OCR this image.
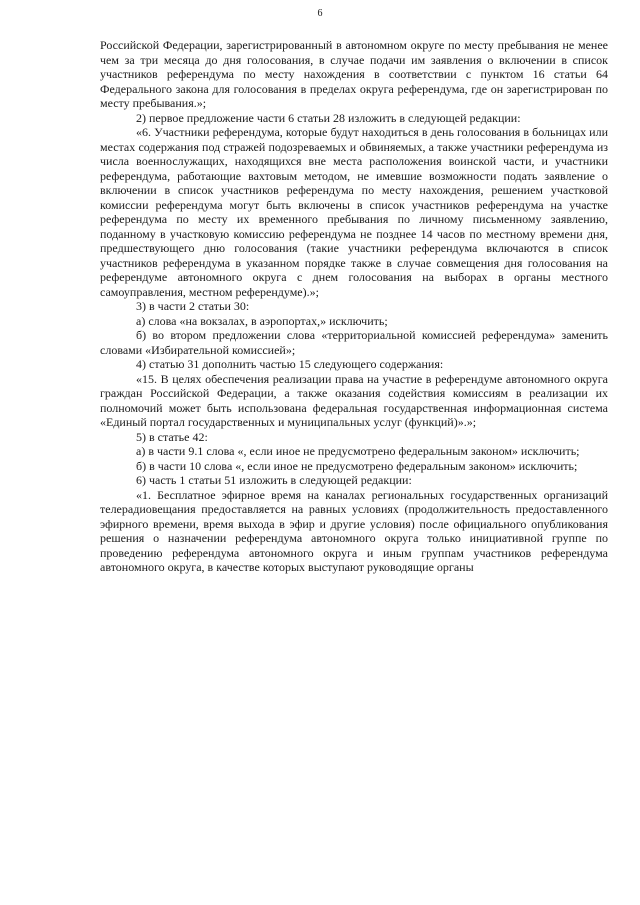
6

Российской Федерации, зарегистрированный в автономном округе по месту пребывания не менее чем за три месяца до дня голосования, в случае подачи им заявления о включении в список участников референдума по месту нахождения в соответствии с пунктом 16 статьи 64 Федерального закона для голосования в пределах округа референдума, где он зарегистрирован по месту пребывания.»;

2) первое предложение части 6 статьи 28 изложить в следующей редакции:

«6. Участники референдума, которые будут находиться в день голосования в больницах или местах содержания под стражей подозреваемых и обвиняемых, а также участники референдума из числа военнослужащих, находящихся вне места расположения воинской части, и участники референдума, работающие вахтовым методом, не имевшие возможности подать заявление о включении в список участников референдума по месту нахождения, решением участковой комиссии референдума могут быть включены в список участников референдума на участке референдума по месту их временного пребывания по личному письменному заявлению, поданному в участковую комиссию референдума не позднее 14 часов по местному времени дня, предшествующего дню голосования (такие участники референдума включаются в список участников референдума в указанном порядке также в случае совмещения дня голосования на референдуме автономного округа с днем голосования на выборах в органы местного самоуправления, местном референдуме).»;

3) в части 2 статьи 30:

а) слова «на вокзалах, в аэропортах,» исключить;

б) во втором предложении слова «территориальной комиссией референдума» заменить словами «Избирательной комиссией»;

4) статью 31 дополнить частью 15 следующего содержания:

«15. В целях обеспечения реализации права на участие в референдуме автономного округа граждан Российской Федерации, а также оказания содействия комиссиям в реализации их полномочий может быть использована федеральная государственная информационная система «Единый портал государственных и муниципальных услуг (функций)».»;

5) в статье 42:

а) в части 9.1 слова «, если иное не предусмотрено федеральным законом» исключить;

б) в части 10 слова «, если иное не предусмотрено федеральным законом» исключить;

6) часть 1 статьи 51 изложить в следующей редакции:

«1. Бесплатное эфирное время на каналах региональных государственных организаций телерадиовещания предоставляется на равных условиях (продолжительность предоставленного эфирного времени, время выхода в эфир и другие условия) после официального опубликования решения о назначении референдума автономного округа только инициативной группе по проведению референдума автономного округа и иным группам участников референдума автономного округа, в качестве которых выступают руководящие органы
